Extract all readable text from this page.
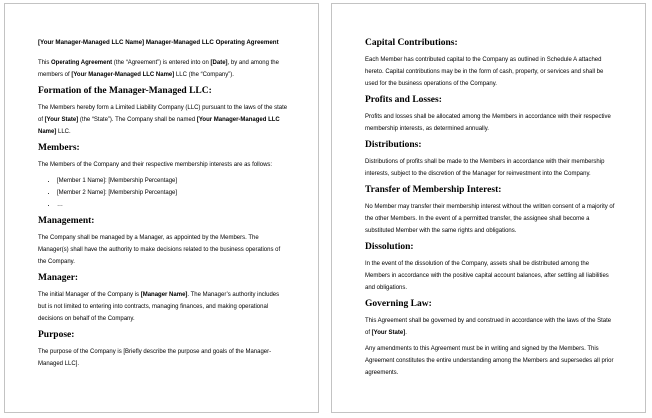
[Your Manager-Managed LLC Name] Manager-Managed LLC Operating Agreement

This Operating Agreement (the “Agreement”) is entered into on [Date], by and among the members of [Your Manager-Managed LLC Name] LLC (the “Company”).

Formation of the Manager-Managed LLC:

The Members hereby form a Limited Liability Company (LLC) pursuant to the laws of the state of [Your State] (the “State”). The Company shall be named [Your Manager-Managed LLC Name] LLC.

Members:

The Members of the Company and their respective membership interests are as follows:

• [Member 1 Name]: [Membership Percentage]
• [Member 2 Name]: [Membership Percentage]
• …
Management:

The Company shall be managed by a Manager, as appointed by the Members. The Manager(s) shall have the authority to make decisions related to the business operations of the Company.

Manager:

The initial Manager of the Company is [Manager Name]. The Manager’s authority includes but is not limited to entering into contracts, managing finances, and making operational decisions on behalf of the Company.

Purpose:

The purpose of the Company is [Briefly describe the purpose and goals of the Manager-Managed LLC].

Capital Contributions:

Each Member has contributed capital to the Company as outlined in Schedule A attached hereto. Capital contributions may be in the form of cash, property, or services and shall be used for the business operations of the Company.

Profits and Losses:

Profits and losses shall be allocated among the Members in accordance with their respective membership interests, as determined annually.

Distributions:

Distributions of profits shall be made to the Members in accordance with their membership interests, subject to the discretion of the Manager for reinvestment into the Company.

Transfer of Membership Interest:

No Member may transfer their membership interest without the written consent of a majority of the other Members. In the event of a permitted transfer, the assignee shall become a substituted Member with the same rights and obligations.

Dissolution:

In the event of the dissolution of the Company, assets shall be distributed among the Members in accordance with the positive capital account balances, after settling all liabilities and obligations.

Governing Law:

This Agreement shall be governed by and construed in accordance with the laws of the State of [Your State].

Any amendments to this Agreement must be in writing and signed by the Members. This Agreement constitutes the entire understanding among the Members and supersedes all prior agreements.
